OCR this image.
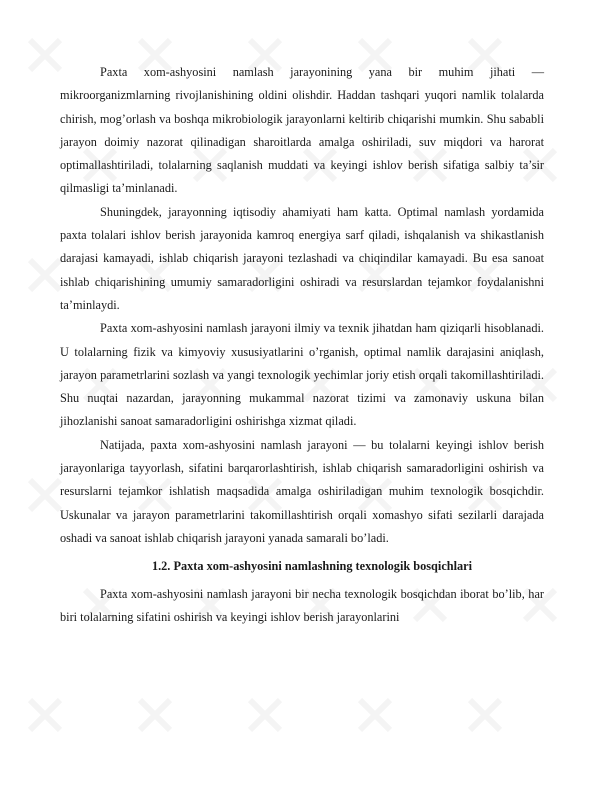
Paxta xom-ashyosini namlash jarayonining yana bir muhim jihati — mikroorganizmlarning rivojlanishining oldini olishdir. Haddan tashqari yuqori namlik tolalarda chirish, mog’orlash va boshqa mikrobiologik jarayonlarni keltirib chiqarishi mumkin. Shu sababli jarayon doimiy nazorat qilinadigan sharoitlarda amalga oshiriladi, suv miqdori va harorat optimallashtiriladi, tolalarning saqlanish muddati va keyingi ishlov berish sifatiga salbiy ta’sir qilmasligi ta’minlanadi.

Shuningdek, jarayonning iqtisodiy ahamiyati ham katta. Optimal namlash yordamida paxta tolalari ishlov berish jarayonida kamroq energiya sarf qiladi, ishqalanish va shikastlanish darajasi kamayadi, ishlab chiqarish jarayoni tezlashadi va chiqindilar kamayadi. Bu esa sanoat ishlab chiqarishining umumiy samaradorligini oshiradi va resurslardan tejamkor foydalanishni ta’minlaydi.

Paxta xom-ashyosini namlash jarayoni ilmiy va texnik jihatdan ham qiziqarli hisoblanadi. U tolalarning fizik va kimyoviy xususiyatlarini o’rganish, optimal namlik darajasini aniqlash, jarayon parametrlarini sozlash va yangi texnologik yechimlar joriy etish orqali takomillashtiriladi. Shu nuqtai nazardan, jarayonning mukammal nazorat tizimi va zamonaviy uskuna bilan jihozlanishi sanoat samaradorligini oshirishga xizmat qiladi.

Natijada, paxta xom-ashyosini namlash jarayoni — bu tolalarni keyingi ishlov berish jarayonlariga tayyorlash, sifatini barqarorlashtirish, ishlab chiqarish samaradorligini oshirish va resurslarni tejamkor ishlatish maqsadida amalga oshiriladigan muhim texnologik bosqichdir. Uskunalar va jarayon parametrlarini takomillashtirish orqali xomashyo sifati sezilarli darajada oshadi va sanoat ishlab chiqarish jarayoni yanada samarali bo’ladi.

1.2. Paxta xom-ashyosini namlashning texnologik bosqichlari

Paxta xom-ashyosini namlash jarayoni bir necha texnologik bosqichdan iborat bo’lib, har biri tolalarning sifatini oshirish va keyingi ishlov berish jarayonlarini
